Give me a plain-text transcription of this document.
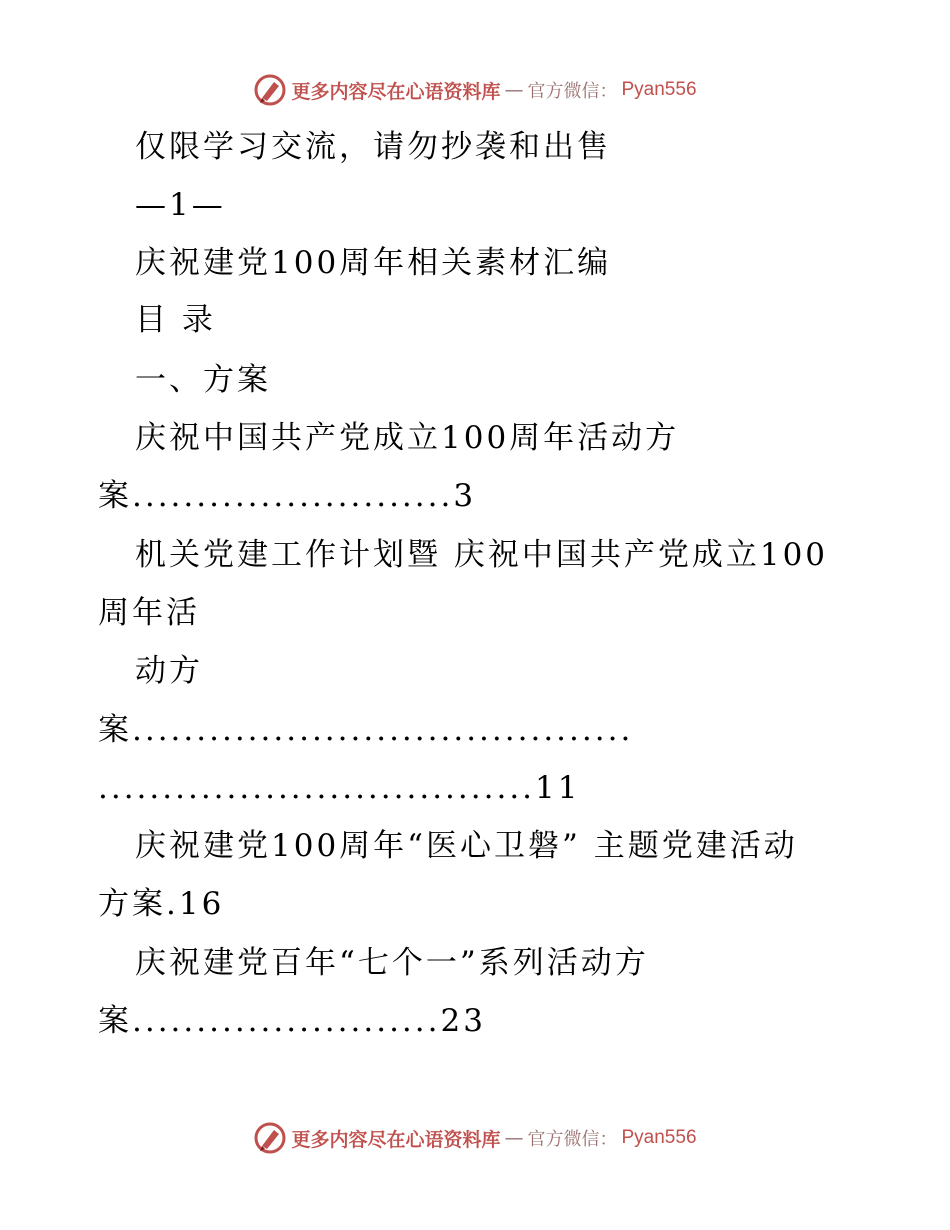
更多内容尽在心语资料库 — 官方微信： Pyan556
仅限学习交流，请勿抄袭和出售
—1—
庆祝建党100周年相关素材汇编
目 录
一、方案
庆祝中国共产党成立100周年活动方
案.........................3
机关党建工作计划暨 庆祝中国共产党成立100
周年活
动方
案.......................................
..................................11
庆祝建党100周年“医心卫磐” 主题党建活动
方案.16
庆祝建党百年“七个一”系列活动方
案........................23
更多内容尽在心语资料库 — 官方微信： Pyan556
